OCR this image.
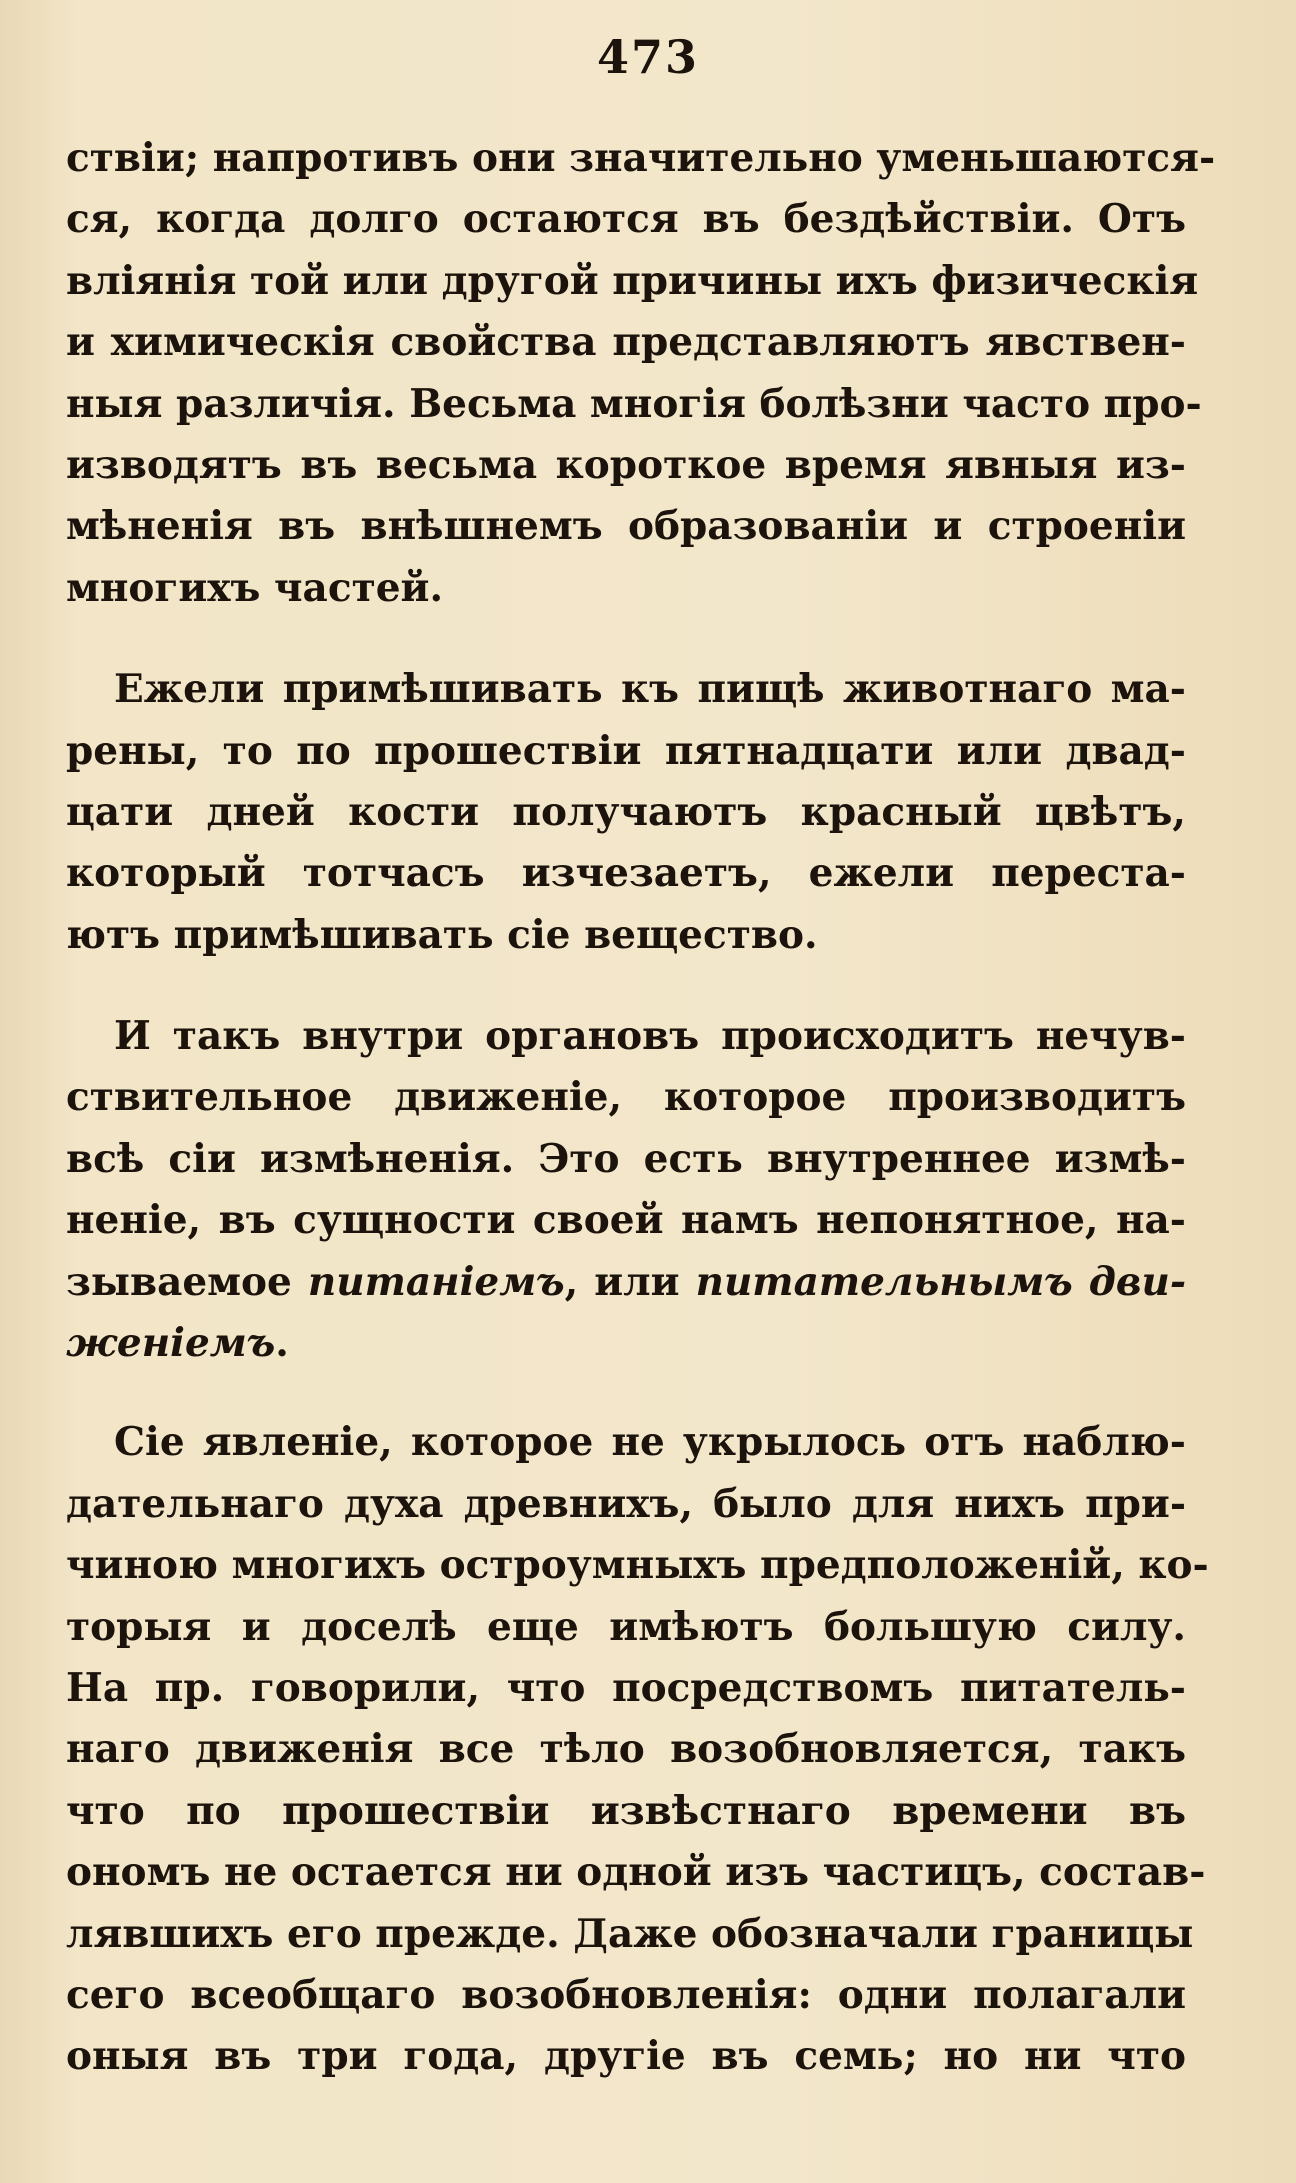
473
ствiи; напротивъ они значительно уменьшаются-
ся, когда долго остаются въ бездѣйствiи. Отъ
влiянiя той или другой причины ихъ физическiя
и химическiя свойства представляютъ явствен-
ныя различiя. Весьма многiя болѣзни часто про-
изводятъ въ весьма короткое время явныя из-
мѣненiя въ внѣшнемъ образованiи и строенiи
многихъ частей.
Ежели примѣшивать къ пищѣ животнаго ма-
рены, то по прошествiи пятнадцати или двад-
цати дней кости получаютъ красный цвѣтъ,
который тотчасъ изчезаетъ, ежели переста-
ютъ примѣшивать сiе вещество.
И такъ внутри органовъ происходитъ нечув-
ствительное движенiе, которое производитъ
всѣ сiи измѣненiя. Это есть внутреннее измѣ-
ненiе, въ сущности своей намъ непонятное, на-
зываемое питанiемъ, или питательнымъ дви-
женiемъ.
Сiе явленiе, которое не укрылось отъ наблю-
дательнаго духа древнихъ, было для нихъ при-
чиною многихъ остроумныхъ предположенiй, ко-
торыя и доселѣ еще имѣютъ большую силу.
На пр. говорили, что посредствомъ питатель-
наго движенiя все тѣло возобновляется, такъ
что по прошествiи извѣстнаго времени въ
ономъ не остается ни одной изъ частицъ, состав-
лявшихъ его прежде. Даже обозначали границы
сего всеобщаго возобновленiя: одни полагали
оныя въ три года, другiе въ семь; но ни что
